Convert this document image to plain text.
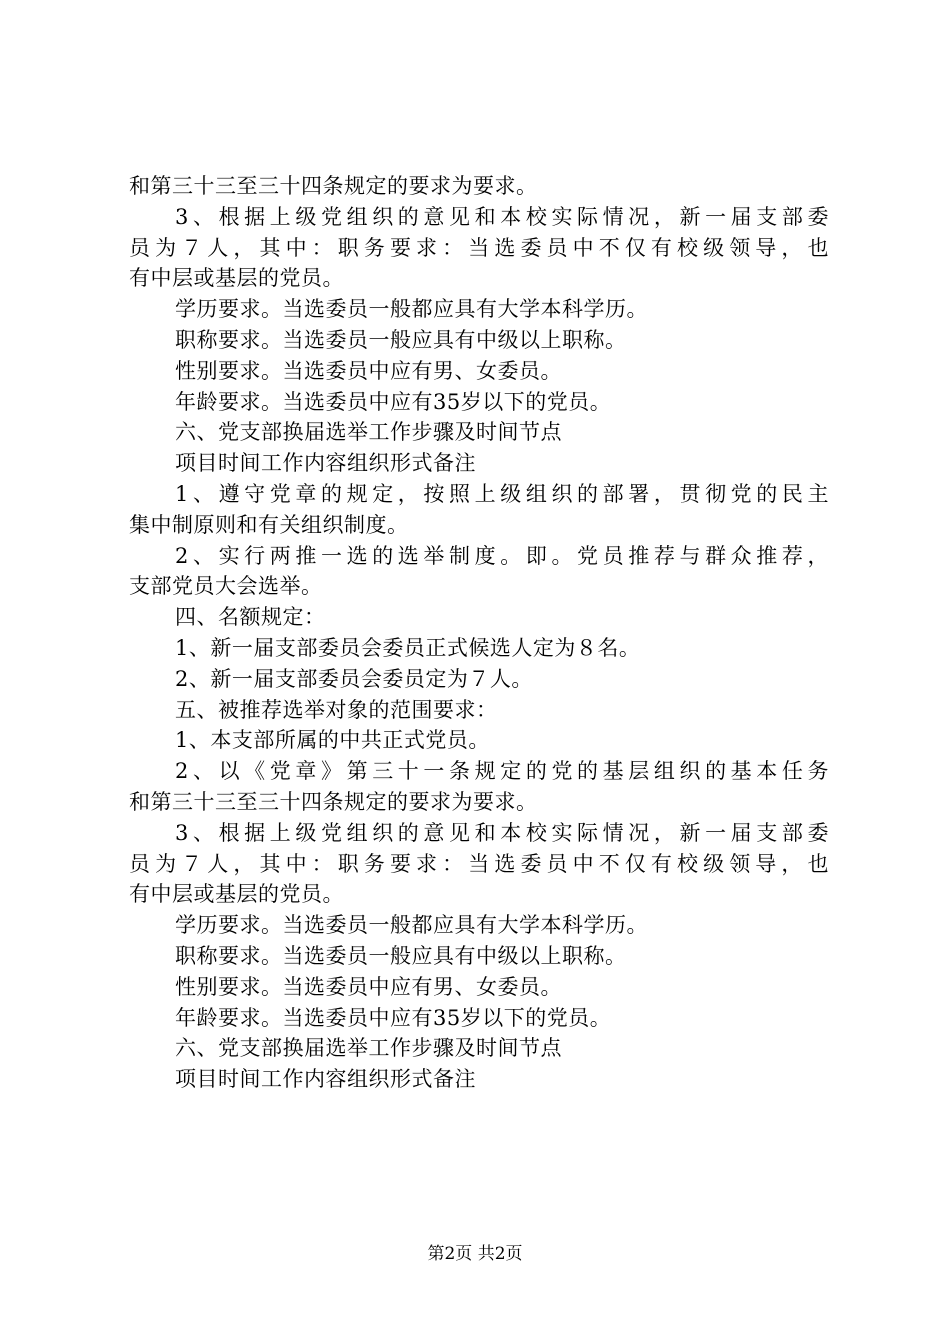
和第三十三至三十四条规定的要求为要求。
3、根据上级党组织的意见和本校实际情况，新一届支部委
员为７人，其中：职务要求：当选委员中不仅有校级领导，也
有中层或基层的党员。
学历要求。当选委员一般都应具有大学本科学历。
职称要求。当选委员一般应具有中级以上职称。
性别要求。当选委员中应有男、女委员。
年龄要求。当选委员中应有35岁以下的党员。
六、党支部换届选举工作步骤及时间节点
项目时间工作内容组织形式备注
1、遵守党章的规定，按照上级组织的部署，贯彻党的民主
集中制原则和有关组织制度。
2、实行两推一选的选举制度。即。党员推荐与群众推荐，
支部党员大会选举。
四、名额规定：
1、新一届支部委员会委员正式候选人定为８名。
2、新一届支部委员会委员定为７人。
五、被推荐选举对象的范围要求：
1、本支部所属的中共正式党员。
2、以《党章》第三十一条规定的党的基层组织的基本任务
和第三十三至三十四条规定的要求为要求。
3、根据上级党组织的意见和本校实际情况，新一届支部委
员为７人，其中：职务要求：当选委员中不仅有校级领导，也
有中层或基层的党员。
学历要求。当选委员一般都应具有大学本科学历。
职称要求。当选委员一般应具有中级以上职称。
性别要求。当选委员中应有男、女委员。
年龄要求。当选委员中应有35岁以下的党员。
六、党支部换届选举工作步骤及时间节点
项目时间工作内容组织形式备注
第2页 共2页
